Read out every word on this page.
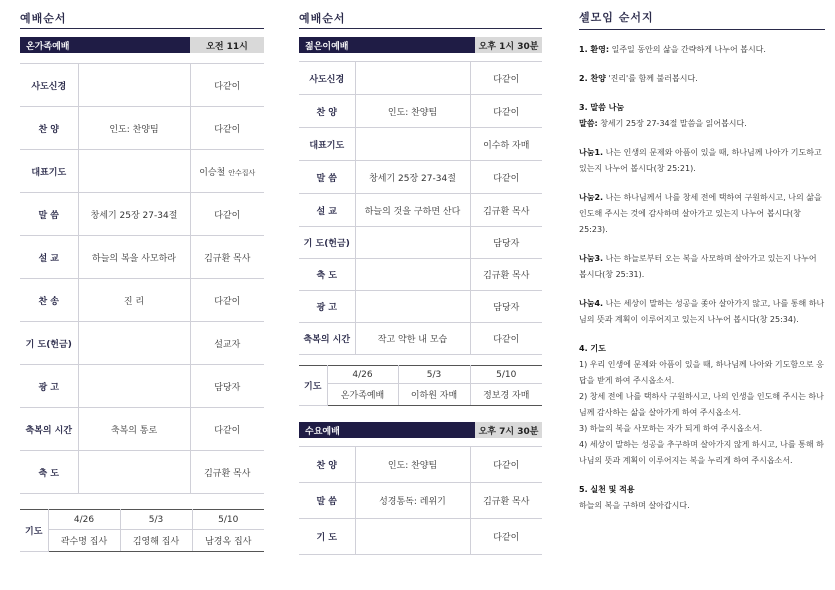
예배순서
온가족예배	오전 11시
사도신경		다같이
찬 양	인도: 찬양팀	다같이
대표기도		이승철 안수집사
말 씀	창세기 25장 27-34절	다같이
설 교	하늘의 복을 사모하라	김규환 목사
찬 송	진 리	다같이
기 도(헌금)		설교자
광 고		담당자
축복의 시간	축복의 통로	다같이
축 도		김규환 목사
기도	4/26	5/3	5/10
	곽수명 집사	김영해 집사	남경옥 집사
예배순서
젊은이예배	오후 1시 30분
사도신경		다같이
찬 양	인도: 찬양팀	다같이
대표기도		이수하 자매
말 씀	창세기 25장 27-34절	다같이
설 교	하늘의 것을 구하면 산다	김규환 목사
기 도(헌금)		담당자
축 도		김규환 목사
광 고		담당자
축복의 시간	작고 약한 내 모습	다같이
기도	4/26	5/3	5/10
	온가족예배	이하원 자매	정보경 자매
수요예배	오후 7시 30분
찬 양	인도: 찬양팀	다같이
말 씀	성경통독: 레위기	김규환 목사
기 도		다같이
셀모임 순서지
1. 환영: 일주일 동안의 삶을 간략하게 나누어 봅시다.
2. 찬양 '진리'를 함께 불러봅시다.
3. 말씀 나눔
말씀: 창세기 25장 27-34절 말씀을 읽어봅시다.
나눔1. 나는 인생의 문제와 아픔이 있을 때, 하나님께 나아가 기도하고 있는지 나누어 봅시다(창 25:21).
나눔2. 나는 하나님께서 나를 창세 전에 택하여 구원하시고, 나의 삶을 인도해 주시는 것에 감사하며 살아가고 있는지 나누어 봅시다(창 25:23).
나눔3. 나는 하늘로부터 오는 복을 사모하며 살아가고 있는지 나누어 봅시다(창 25:31).
나눔4. 나는 세상이 말하는 성공을 좇아 살아가지 않고, 나를 통해 하나님의 뜻과 계획이 이루어지고 있는지 나누어 봅시다(창 25:34).
4. 기도
1) 우리 인생에 문제와 아픔이 있을 때, 하나님께 나아와 기도함으로 응답을 받게 하여 주시옵소서.
2) 창세 전에 나를 택하사 구원하시고, 나의 인생을 인도해 주시는 하나님께 감사하는 삶을 살아가게 하여 주시옵소서.
3) 하늘의 복을 사모하는 자가 되게 하여 주시옵소서.
4) 세상이 말하는 성공을 추구하며 살아가지 않게 하시고, 나를 통해 하나님의 뜻과 계획이 이루어지는 복을 누리게 하여 주시옵소서.
5. 실천 및 적용
하늘의 복을 구하며 살아갑시다.
